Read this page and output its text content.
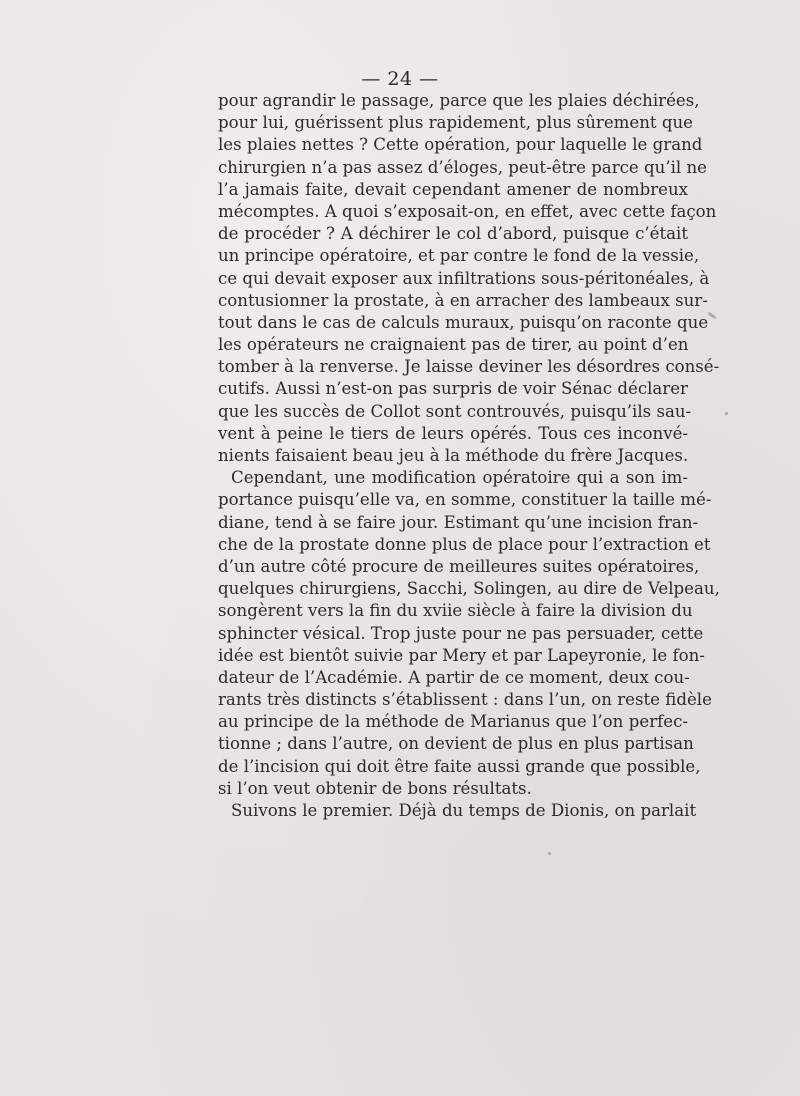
— 24 —
pour agrandir le passage, parce que les plaies déchirées,
pour lui, guérissent plus rapidement, plus sûrement que
les plaies nettes ? Cette opération, pour laquelle le grand
chirurgien n’a pas assez d’éloges, peut-être parce qu’il ne
l’a jamais faite, devait cependant amener de nombreux
mécomptes. A quoi s’exposait-on, en effet, avec cette façon
de procéder ? A déchirer le col d’abord, puisque c’était
un principe opératoire, et par contre le fond de la vessie,
ce qui devait exposer aux infiltrations sous-péritonéales, à
contusionner la prostate, à en arracher des lambeaux sur-
tout dans le cas de calculs muraux, puisqu’on raconte que
les opérateurs ne craignaient pas de tirer, au point d’en
tomber à la renverse. Je laisse deviner les désordres consé-
cutifs. Aussi n’est-on pas surpris de voir Sénac déclarer
que les succès de Collot sont controuvés, puisqu’ils sau-
vent à peine le tiers de leurs opérés. Tous ces inconvé-
nients faisaient beau jeu à la méthode du frère Jacques.
Cependant, une modification opératoire qui a son im-
portance puisqu’elle va, en somme, constituer la taille mé-
diane, tend à se faire jour. Estimant qu’une incision fran-
che de la prostate donne plus de place pour l’extraction et
d’un autre côté procure de meilleures suites opératoires,
quelques chirurgiens, Sacchi, Solingen, au dire de Velpeau,
songèrent vers la fin du xviie siècle à faire la division du
sphincter vésical. Trop juste pour ne pas persuader, cette
idée est bientôt suivie par Mery et par Lapeyronie, le fon-
dateur de l’Académie. A partir de ce moment, deux cou-
rants très distincts s’établissent : dans l’un, on reste fidèle
au principe de la méthode de Marianus que l’on perfec-
tionne ; dans l’autre, on devient de plus en plus partisan
de l’incision qui doit être faite aussi grande que possible,
si l’on veut obtenir de bons résultats.
Suivons le premier. Déjà du temps de Dionis, on parlait
